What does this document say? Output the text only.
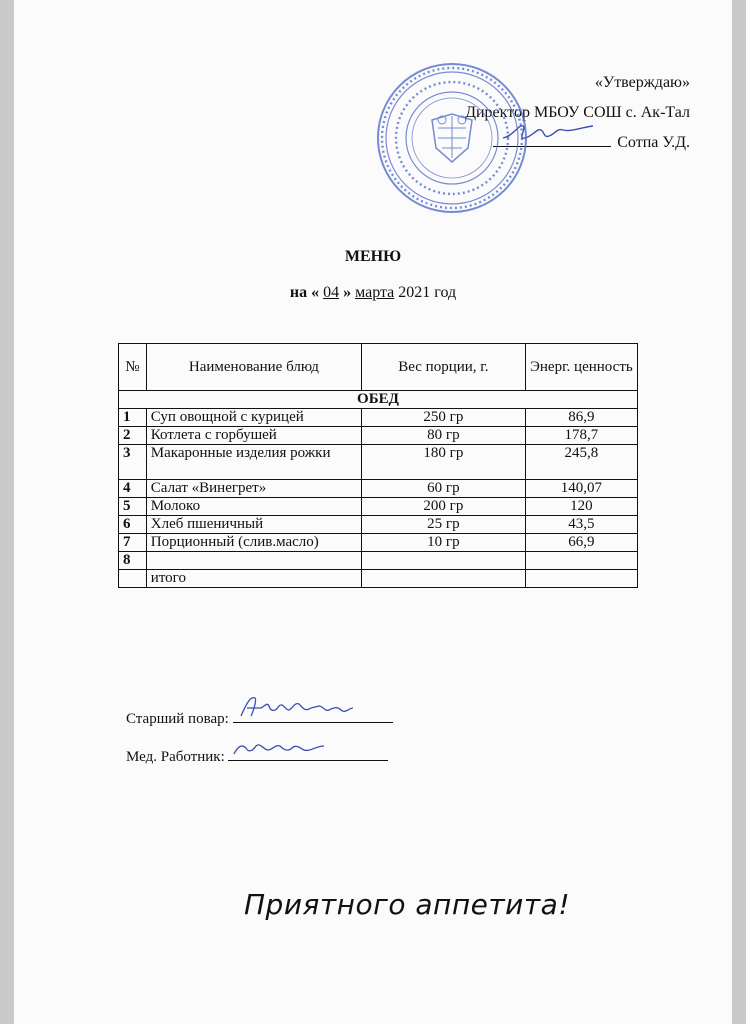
«Утверждаю»
Директор МБОУ СОШ с. Ак-Тал
Сотпа У.Д.
МЕНЮ
на « 04 » марта 2021 год
№	Наименование блюд	Вес порции, г.	Энерг. ценность
ОБЕД			
1	Суп овощной с курицей	250 гр	86,9
2	Котлета с горбушей	80 гр	178,7
3	Макаронные изделия рожки	180 гр	245,8
4	Салат «Винегрет»	60 гр	140,07
5	Молоко	200 гр	120
6	Хлеб пшеничный	25 гр	43,5
7	Порционный (слив.масло)	10 гр	66,9
8			
	итого		
Старший повар:
Мед. Работник:
Приятного аппетита!
